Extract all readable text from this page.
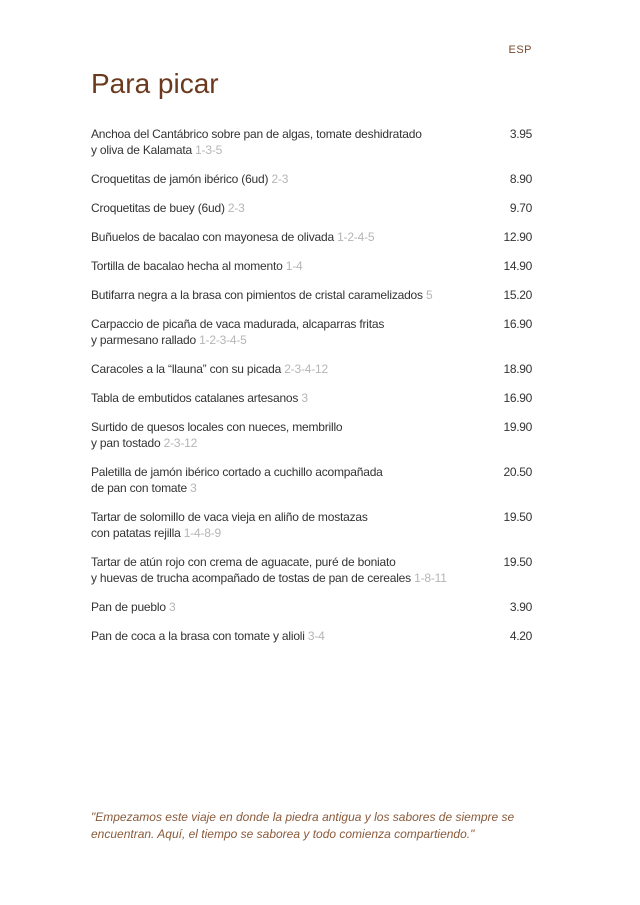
ESP
Para picar
Anchoa del Cantábrico sobre pan de algas, tomate deshidratado
y oliva de Kalamata 1-3-5
3.95
Croquetitas de jamón ibérico (6ud) 2-3	8.90
Croquetitas de buey (6ud) 2-3	9.70
Buñuelos de bacalao con mayonesa de olivada 1-2-4-5	12.90
Tortilla de bacalao hecha al momento 1-4	14.90
Butifarra negra a la brasa con pimientos de cristal caramelizados 5	15.20
Carpaccio de picaña de vaca madurada, alcaparras fritas
y parmesano rallado 1-2-3-4-5
16.90
Caracoles a la “llauna” con su picada 2-3-4-12	18.90
Tabla de embutidos catalanes artesanos 3	16.90
Surtido de quesos locales con nueces, membrillo
y pan tostado 2-3-12
19.90
Paletilla de jamón ibérico cortado a cuchillo acompañada
de pan con tomate 3
20.50
Tartar de solomillo de vaca vieja en aliño de mostazas
con patatas rejilla 1-4-8-9
19.50
Tartar de atún rojo con crema de aguacate, puré de boniato
y huevas de trucha acompañado de tostas de pan de cereales 1-8-11
19.50
Pan de pueblo 3	3.90
Pan de coca a la brasa con tomate y alioli 3-4	4.20
"Empezamos este viaje en donde la piedra antigua y los sabores de siempre se encuentran. Aquí, el tiempo se saborea y todo comienza compartiendo."
